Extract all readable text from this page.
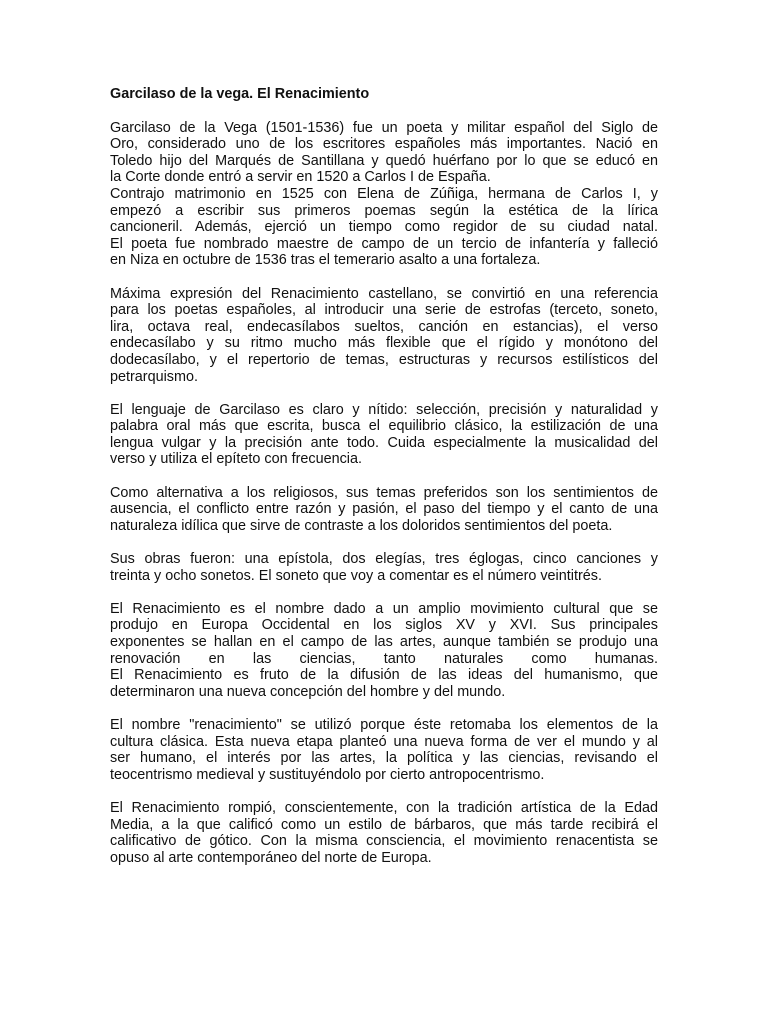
Garcilaso de la vega. El Renacimiento
Garcilaso de la Vega (1501-1536) fue un poeta y militar español del Siglo de
Oro, considerado uno de los escritores españoles más importantes. Nació en
Toledo hijo del Marqués de Santillana y quedó huérfano por lo que se educó en
la Corte donde entró a servir en 1520 a Carlos I de España.
Contrajo matrimonio en 1525 con Elena de Zúñiga, hermana de Carlos I, y
empezó a escribir sus primeros poemas según la estética de la lírica
cancioneril. Además, ejerció un tiempo como regidor de su ciudad natal.
El poeta fue nombrado maestre de campo de un tercio de infantería y falleció
en Niza en octubre de 1536 tras el temerario asalto a una fortaleza.
Máxima expresión del Renacimiento castellano, se convirtió en una referencia
para los poetas españoles, al introducir una serie de estrofas (terceto, soneto,
lira, octava real, endecasílabos sueltos, canción en estancias), el verso
endecasílabo y su ritmo mucho más flexible que el rígido y monótono del
dodecasílabo, y el repertorio de temas, estructuras y recursos estilísticos del
petrarquismo.
El lenguaje de Garcilaso es claro y nítido: selección, precisión y naturalidad y
palabra oral más que escrita, busca el equilibrio clásico, la estilización de una
lengua vulgar y la precisión ante todo. Cuida especialmente la musicalidad del
verso y utiliza el epíteto con frecuencia.
Como alternativa a los religiosos, sus temas preferidos son los sentimientos de
ausencia, el conflicto entre razón y pasión, el paso del tiempo y el canto de una
naturaleza idílica que sirve de contraste a los doloridos sentimientos del poeta.
Sus obras fueron: una epístola, dos elegías, tres églogas, cinco canciones y
treinta y ocho sonetos. El soneto que voy a comentar es el número veintitrés.
El Renacimiento es el nombre dado a un amplio movimiento cultural que se
produjo en Europa Occidental en los siglos XV y XVI. Sus principales
exponentes se hallan en el campo de las artes, aunque también se produjo una
renovación en las ciencias, tanto naturales como humanas.
El Renacimiento es fruto de la difusión de las ideas del humanismo, que
determinaron una nueva concepción del hombre y del mundo.
El nombre "renacimiento" se utilizó porque éste retomaba los elementos de la
cultura clásica. Esta nueva etapa planteó una nueva forma de ver el mundo y al
ser humano, el interés por las artes, la política y las ciencias, revisando el
teocentrismo medieval y sustituyéndolo por cierto antropocentrismo.
El Renacimiento rompió, conscientemente, con la tradición artística de la Edad
Media, a la que calificó como un estilo de bárbaros, que más tarde recibirá el
calificativo de gótico. Con la misma consciencia, el movimiento renacentista se
opuso al arte contemporáneo del norte de Europa.
